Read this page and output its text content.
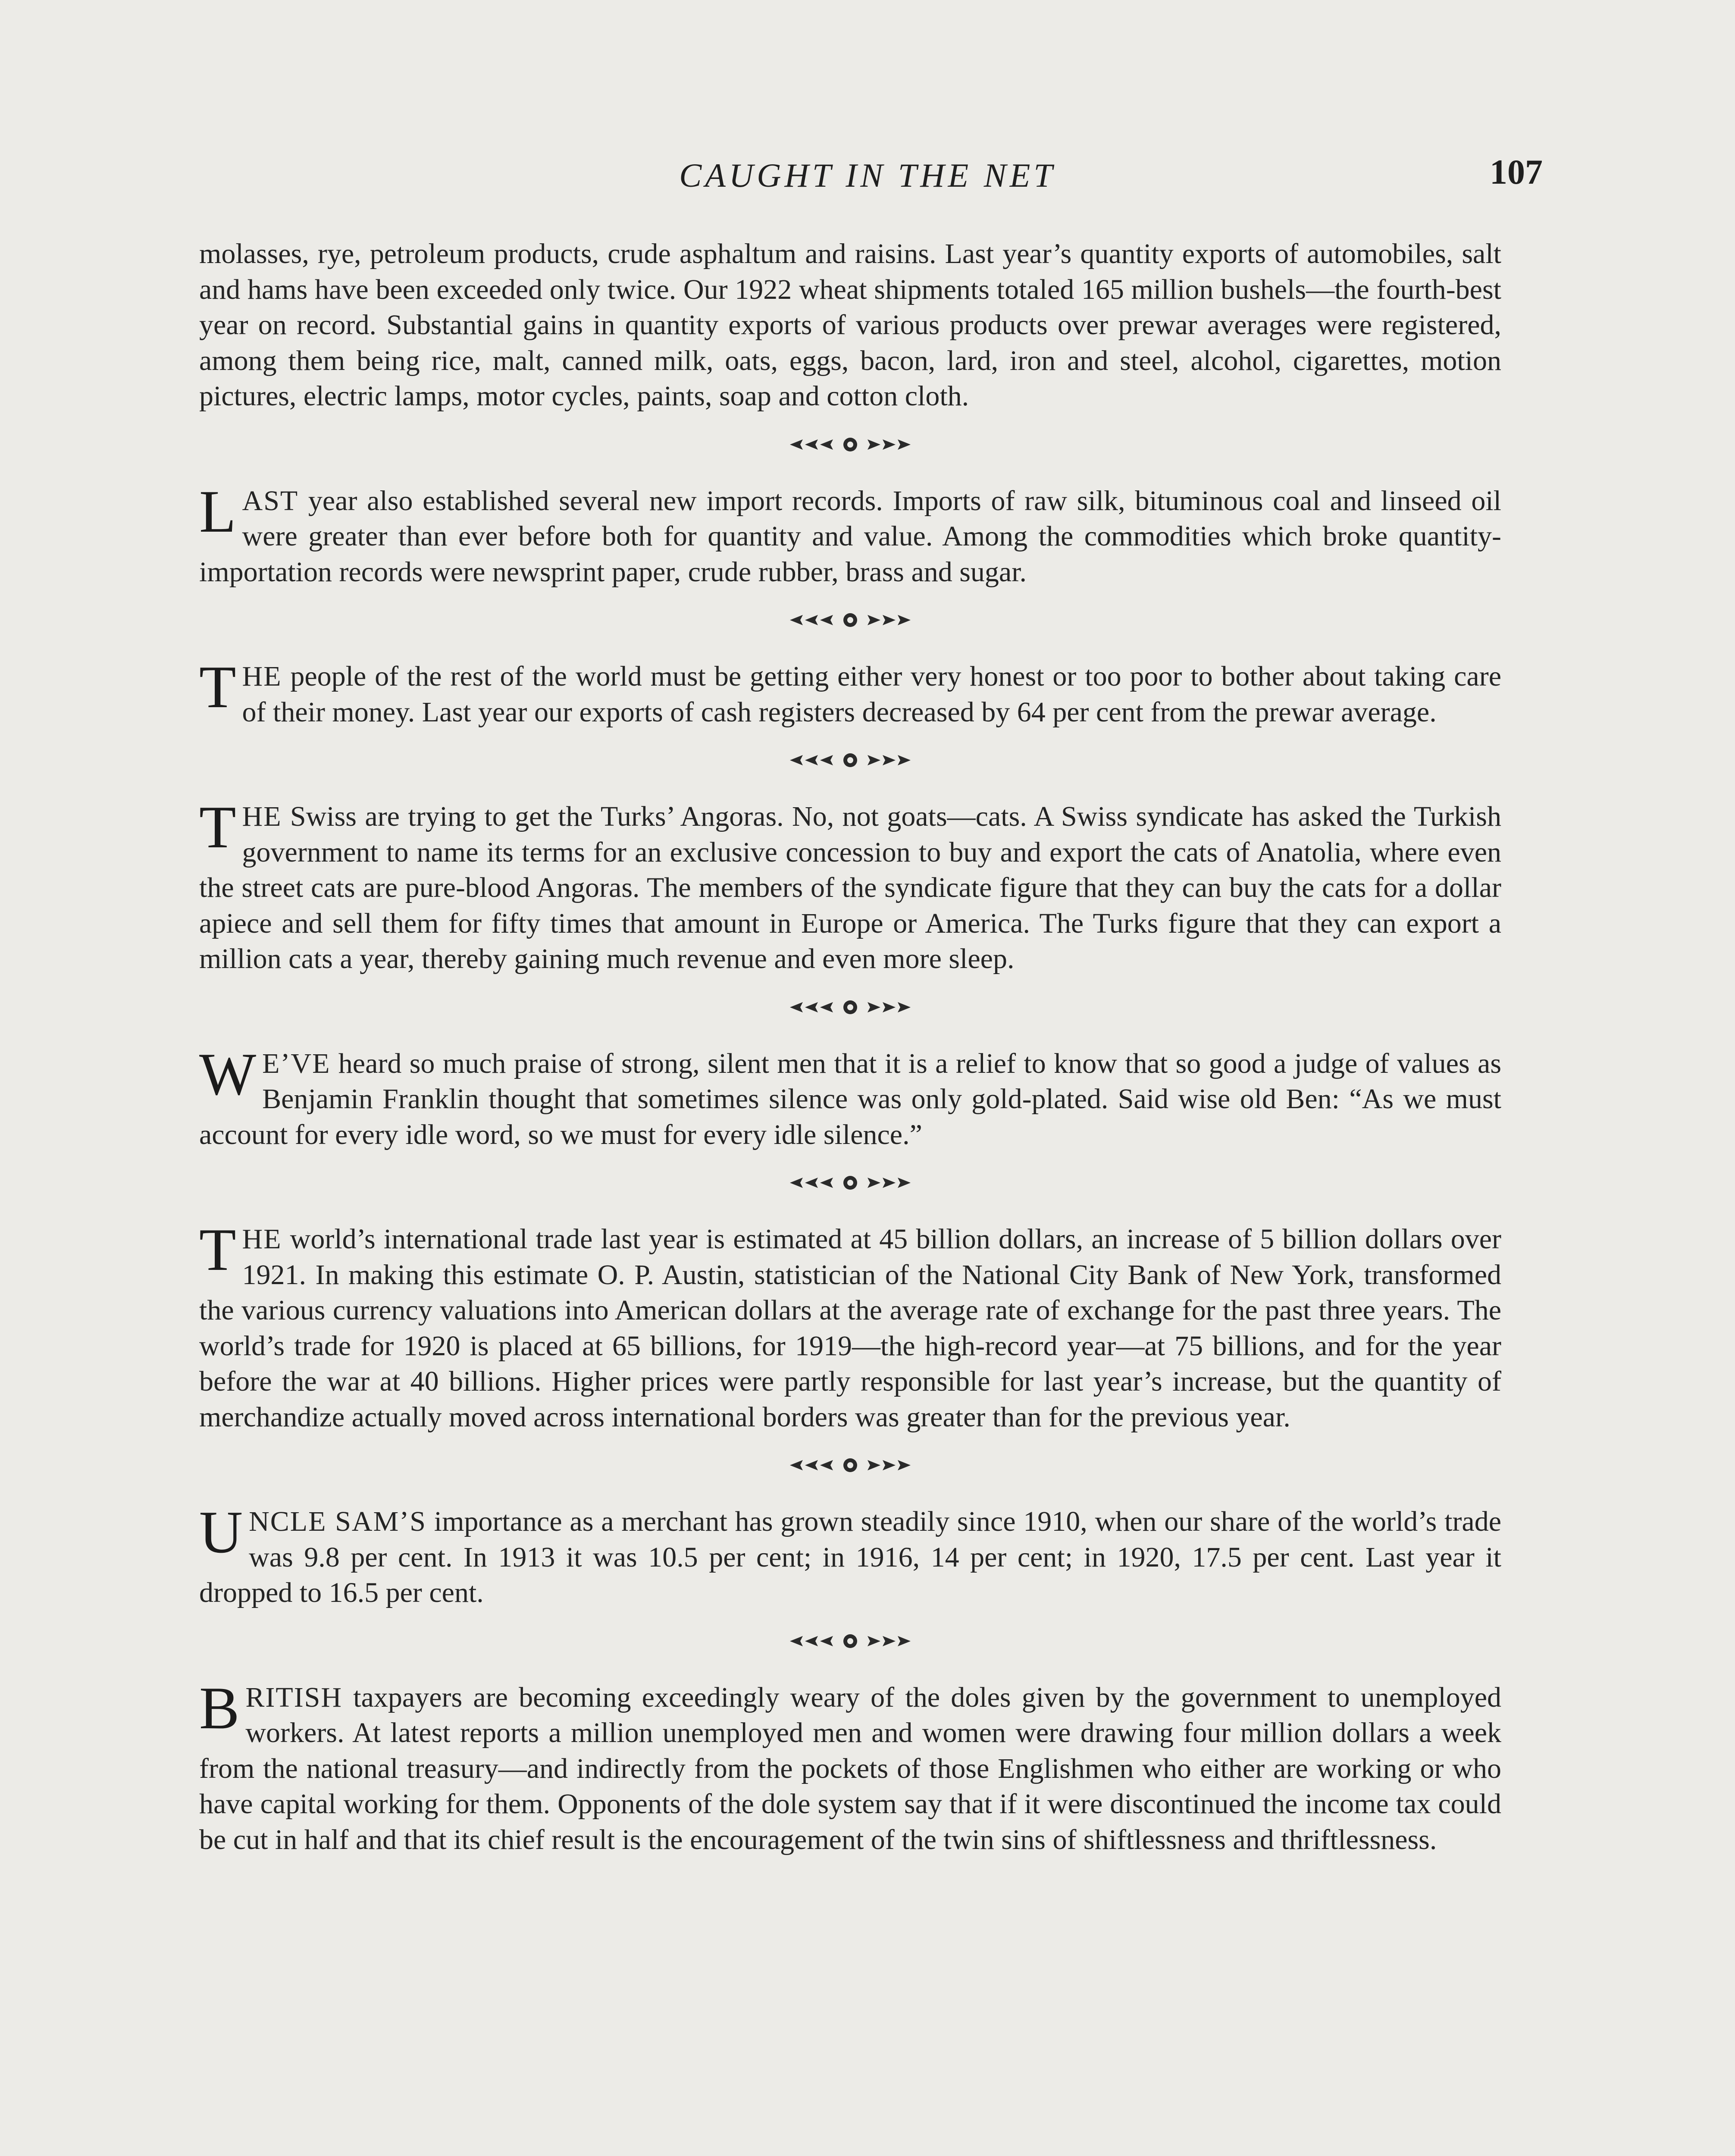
CAUGHT IN THE NET	107

molasses, rye, petroleum products, crude asphaltum and raisins. Last year’s quantity exports of automobiles, salt and hams have been exceeded only twice. Our 1922 wheat shipments totaled 165 million bushels—the fourth-best year on record. Substantial gains in quantity exports of various products over prewar averages were registered, among them being rice, malt, canned milk, oats, eggs, bacon, lard, iron and steel, alcohol, cigarettes, motion pictures, electric lamps, motor cycles, paints, soap and cotton cloth.

LAST year also established several new import records. Imports of raw silk, bituminous coal and linseed oil were greater than ever before both for quantity and value. Among the commodities which broke quantity-importation records were newsprint paper, crude rubber, brass and sugar.

THE people of the rest of the world must be getting either very honest or too poor to bother about taking care of their money. Last year our exports of cash registers decreased by 64 per cent from the prewar average.

THE Swiss are trying to get the Turks’ Angoras. No, not goats—cats. A Swiss syndicate has asked the Turkish government to name its terms for an exclusive concession to buy and export the cats of Anatolia, where even the street cats are pure-blood Angoras. The members of the syndicate figure that they can buy the cats for a dollar apiece and sell them for fifty times that amount in Europe or America. The Turks figure that they can export a million cats a year, thereby gaining much revenue and even more sleep.

W E’VE heard so much praise of strong, silent men that it is a relief to know that so good a judge of values as Benjamin Franklin thought that sometimes silence was only gold-plated. Said wise old Ben: “As we must account for every idle word, so we must for every idle silence.”

THE world’s international trade last year is estimated at 45 billion dollars, an increase of 5 billion dollars over 1921. In making this estimate O. P. Austin, statistician of the National City Bank of New York, transformed the various currency valuations into American dollars at the average rate of exchange for the past three years. The world’s trade for 1920 is placed at 65 billions, for 1919—the high-record year—at 75 billions, and for the year before the war at 40 billions. Higher prices were partly responsible for last year’s increase, but the quantity of merchandize actually moved across international borders was greater than for the previous year.

UNCLE SAM’S importance as a merchant has grown steadily since 1910, when our share of the world’s trade was 9.8 per cent. In 1913 it was 10.5 per cent; in 1916, 14 per cent; in 1920, 17.5 per cent. Last year it dropped to 16.5 per cent.

BRITISH taxpayers are becoming exceedingly weary of the doles given by the government to unemployed workers. At latest reports a million unemployed men and women were drawing four million dollars a week from the national treasury—and indirectly from the pockets of those Englishmen who either are working or who have capital working for them. Opponents of the dole system say that if it were discontinued the income tax could be cut in half and that its chief result is the encouragement of the twin sins of shiftlessness and thriftlessness.
